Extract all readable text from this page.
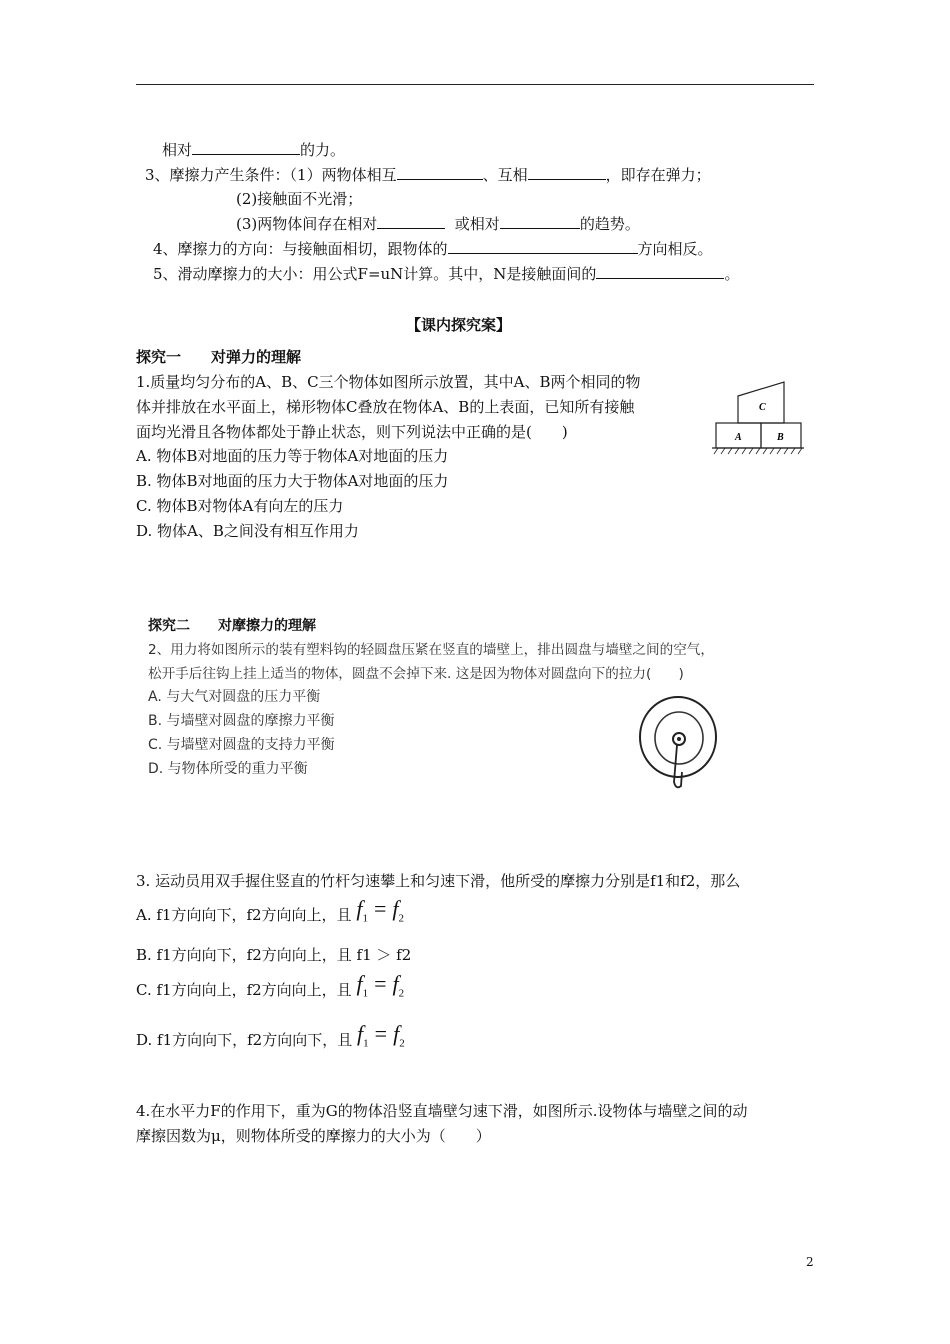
相对	的力。
3、摩擦力产生条件：（1）两物体相互	、互相	，即存在弹力；
(2)接触面不光滑；
(3)两物体间存在相对	或相对	的趋势。
4、摩擦力的方向：与接触面相切，跟物体的	方向相反。
5、滑动摩擦力的大小：用公式F=uN计算。其中，N是接触面间的	。
【课内探究案】
探究一　　对弹力的理解
1.质量均匀分布的A、B、C三个物体如图所示放置，其中A、B两个相同的物
体并排放在水平面上，梯形物体C叠放在物体A、B的上表面，已知所有接触
面均光滑且各物体都处于静止状态，则下列说法中正确的是(　　)
A. 物体B对地面的压力等于物体A对地面的压力
B. 物体B对地面的压力大于物体A对地面的压力
C. 物体B对物体A有向左的压力
D. 物体A、B之间没有相互作用力
C
A	B
探究二　　对摩擦力的理解
2、用力将如图所示的装有塑料钩的轻圆盘压紧在竖直的墙壁上，排出圆盘与墙壁之间的空气，
松开手后往钩上挂上适当的物体，圆盘不会掉下来. 这是因为物体对圆盘向下的拉力(　　)
A. 与大气对圆盘的压力平衡
B. 与墙壁对圆盘的摩擦力平衡
C. 与墙壁对圆盘的支持力平衡
D. 与物体所受的重力平衡
3. 运动员用双手握住竖直的竹杆匀速攀上和匀速下滑，他所受的摩擦力分别是f1和f2，那么
A. f1方向向下，f2方向向上，且 $f_1 = f_2$
B. f1方向向下，f2方向向上，且 f1 ＞ f2
C. f1方向向上，f2方向向上，且 $f_1 = f_2$
D. f1方向向下，f2方向向下，且 $f_1 = f_2$
4.在水平力F的作用下，重为G的物体沿竖直墙壁匀速下滑，如图所示.设物体与墙壁之间的动
摩擦因数为μ，则物体所受的摩擦力的大小为（　　）
2
